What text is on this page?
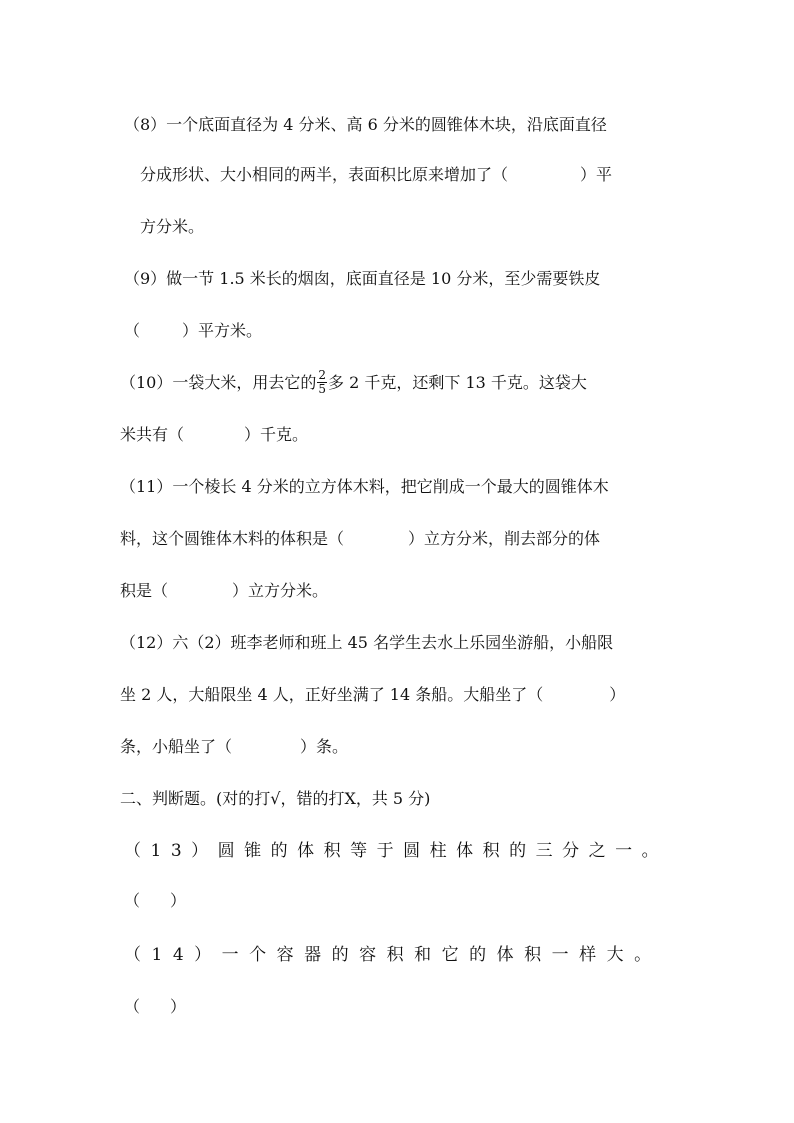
（8）一个底面直径为 4 分米、高 6 分米的圆锥体木块，沿底面直径
分成形状、大小相同的两半，表面积比原来增加了（	）平
方分米。
（9）做一节 1.5 米长的烟囱，底面直径是 10 分米，至少需要铁皮
（	）平方米。
（10）一袋大米，用去它的 $\frac{2}{5}$ 多 2 千克，还剩下 13 千克。这袋大
米共有（	）千克。
（11）一个棱长 4 分米的立方体木料，把它削成一个最大的圆锥体木
料，这个圆锥体木料的体积是（	）立方分米，削去部分的体
积是（	）立方分米。
（12）六（2）班李老师和班上 45 名学生去水上乐园坐游船，小船限
坐 2 人，大船限坐 4 人，正好坐满了 14 条船。大船坐了（	）
条，小船坐了（	）条。
二、判断题。(对的打√，错的打X，共 5 分)
（13）圆锥的体积等于圆柱体积的三分之一。
（ ）
（14）一个容器的容积和它的体积一样大。
（ ）
